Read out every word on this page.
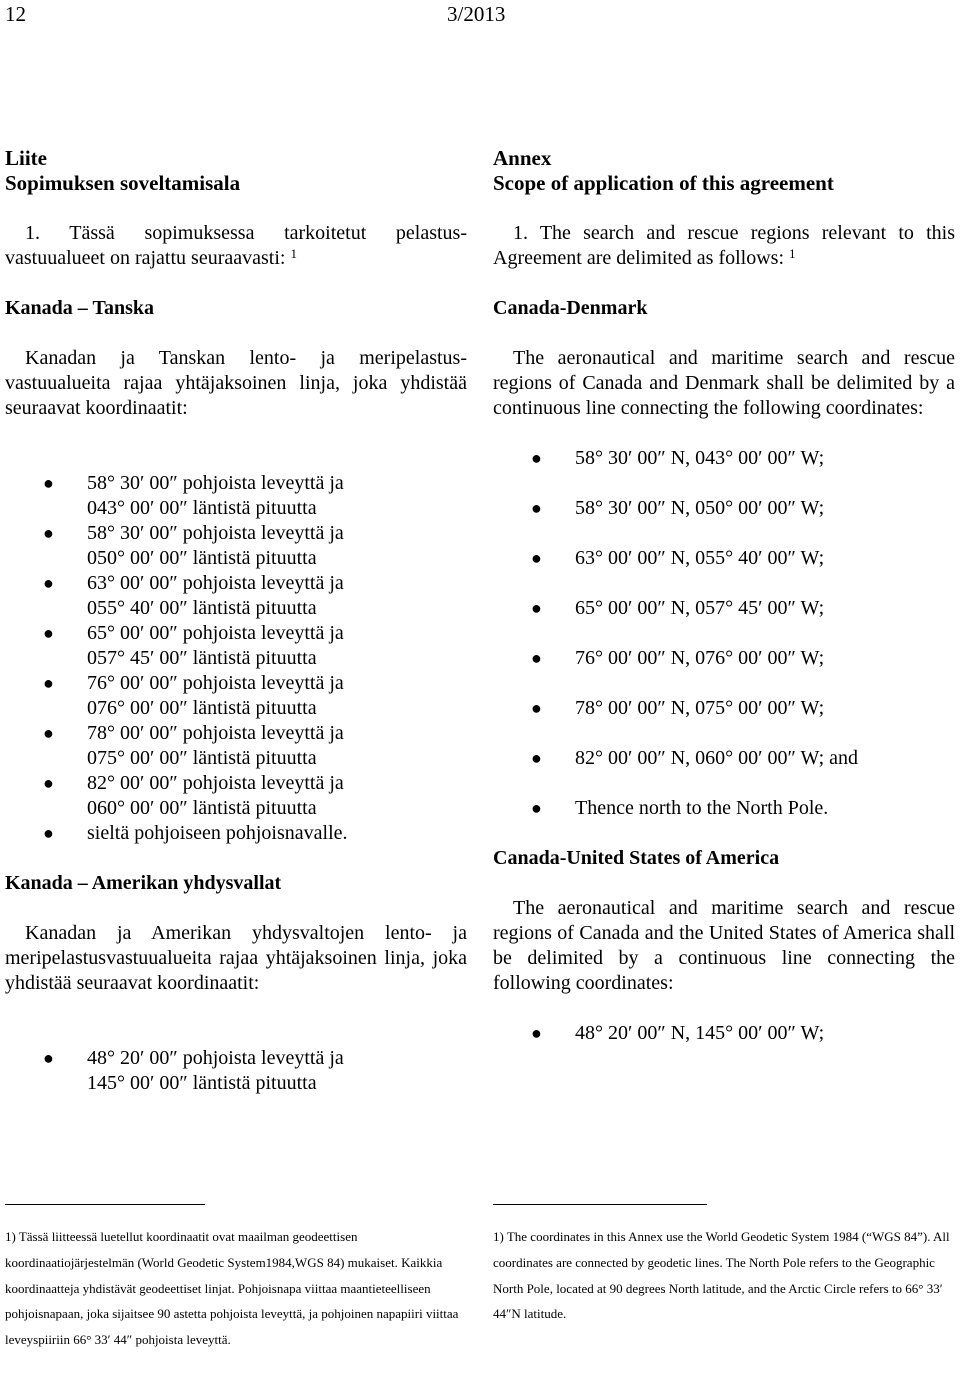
12	3/2013
Liite
Sopimuksen soveltamisala

1. Tässä sopimuksessa tarkoitetut pelastus-vastuualueet on rajattu seuraavasti: $^1$

Kanada – Tanska

Kanadan ja Tanskan lento- ja meripelastus-vastuualueita rajaa yhtäjaksoinen linja, joka yhdistää seuraavat koordinaatit:

● 58° 30′ 00″ pohjoista leveyttä ja
043° 00′ 00″ läntistä pituutta
● 58° 30′ 00″ pohjoista leveyttä ja
050° 00′ 00″ läntistä pituutta
● 63° 00′ 00″ pohjoista leveyttä ja
055° 40′ 00″ läntistä pituutta
● 65° 00′ 00″ pohjoista leveyttä ja
057° 45′ 00″ läntistä pituutta
● 76° 00′ 00″ pohjoista leveyttä ja
076° 00′ 00″ läntistä pituutta
● 78° 00′ 00″ pohjoista leveyttä ja
075° 00′ 00″ läntistä pituutta
● 82° 00′ 00″ pohjoista leveyttä ja
060° 00′ 00″ läntistä pituutta
● sieltä pohjoiseen pohjoisnavalle.

Kanada – Amerikan yhdysvallat

Kanadan ja Amerikan yhdysvaltojen lento- ja meripelastusvastuualueita rajaa yhtäjaksoinen linja, joka yhdistää seuraavat koordinaatit:

● 48° 20′ 00″ pohjoista leveyttä ja
145° 00′ 00″ läntistä pituutta
Annex
Scope of application of this agreement

1. The search and rescue regions relevant to this Agreement are delimited as follows: $^1$

Canada-Denmark

The aeronautical and maritime search and rescue regions of Canada and Denmark shall be delimited by a continuous line connecting the following coordinates:

● 58° 30′ 00″ N, 043° 00′ 00″ W;
● 58° 30′ 00″ N, 050° 00′ 00″ W;
● 63° 00′ 00″ N, 055° 40′ 00″ W;
● 65° 00′ 00″ N, 057° 45′ 00″ W;
● 76° 00′ 00″ N, 076° 00′ 00″ W;
● 78° 00′ 00″ N, 075° 00′ 00″ W;
● 82° 00′ 00″ N, 060° 00′ 00″ W; and
● Thence north to the North Pole.

Canada-United States of America

The aeronautical and maritime search and rescue regions of Canada and the United States of America shall be delimited by a continuous line connecting the following coordinates:

● 48° 20′ 00″ N, 145° 00′ 00″ W;
1) Tässä liitteessä luetellut koordinaatit ovat maailman geodeettisen koordinaatiojärjestelmän (World Geodetic System1984,WGS 84) mukaiset. Kaikkia koordinaatteja yhdistävät geodeettiset linjat. Pohjoisnapa viittaa maantieteelliseen pohjoisnapaan, joka sijaitsee 90 astetta pohjoista leveyttä, ja pohjoinen napapiiri viittaa leveyspiiriin 66° 33′ 44″ pohjoista leveyttä.
1) The coordinates in this Annex use the World Geodetic System 1984 (“WGS 84”). All coordinates are connected by geodetic lines. The North Pole refers to the Geographic North Pole, located at 90 degrees North latitude, and the Arctic Circle refers to 66° 33′ 44″N latitude.
